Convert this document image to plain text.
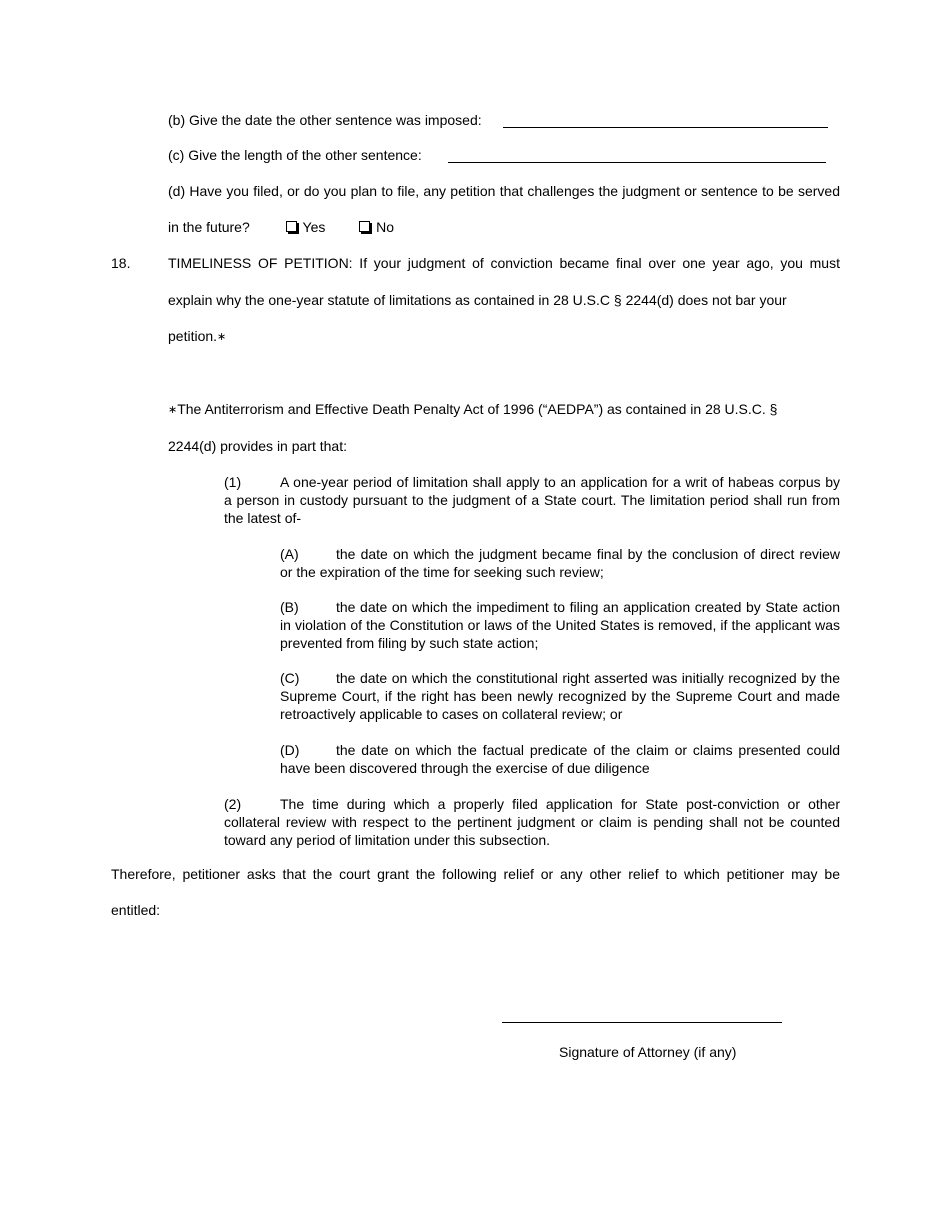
(b) Give the date the other sentence was imposed:
(c) Give the length of the other sentence:
(d) Have you filed, or do you plan to file, any petition that challenges the judgment or sentence to be served
in the future?	Yes	No
18.	TIMELINESS OF PETITION: If your judgment of conviction became final over one year ago, you must
explain why the one-year statute of limitations as contained in 28 U.S.C § 2244(d) does not bar your
petition.∗
∗The Antiterrorism and Effective Death Penalty Act of 1996 (“AEDPA”) as contained in 28 U.S.C. §
2244(d) provides in part that:
(1)	A one-year period of limitation shall apply to an application for a writ of habeas corpus by a person in custody pursuant to the judgment of a State court. The limitation period shall run from the latest of-
(A)	the date on which the judgment became final by the conclusion of direct review or the expiration of the time for seeking such review;
(B)	the date on which the impediment to filing an application created by State action in violation of the Constitution or laws of the United States is removed, if the applicant was prevented from filing by such state action;
(C)	the date on which the constitutional right asserted was initially recognized by the Supreme Court, if the right has been newly recognized by the Supreme Court and made retroactively applicable to cases on collateral review; or
(D)	the date on which the factual predicate of the claim or claims presented could have been discovered through the exercise of due diligence
(2)	The time during which a properly filed application for State post-conviction or other collateral review with respect to the pertinent judgment or claim is pending shall not be counted toward any period of limitation under this subsection.
Therefore, petitioner asks that the court grant the following relief or any other relief to which petitioner may be
entitled:
Signature of Attorney (if any)
